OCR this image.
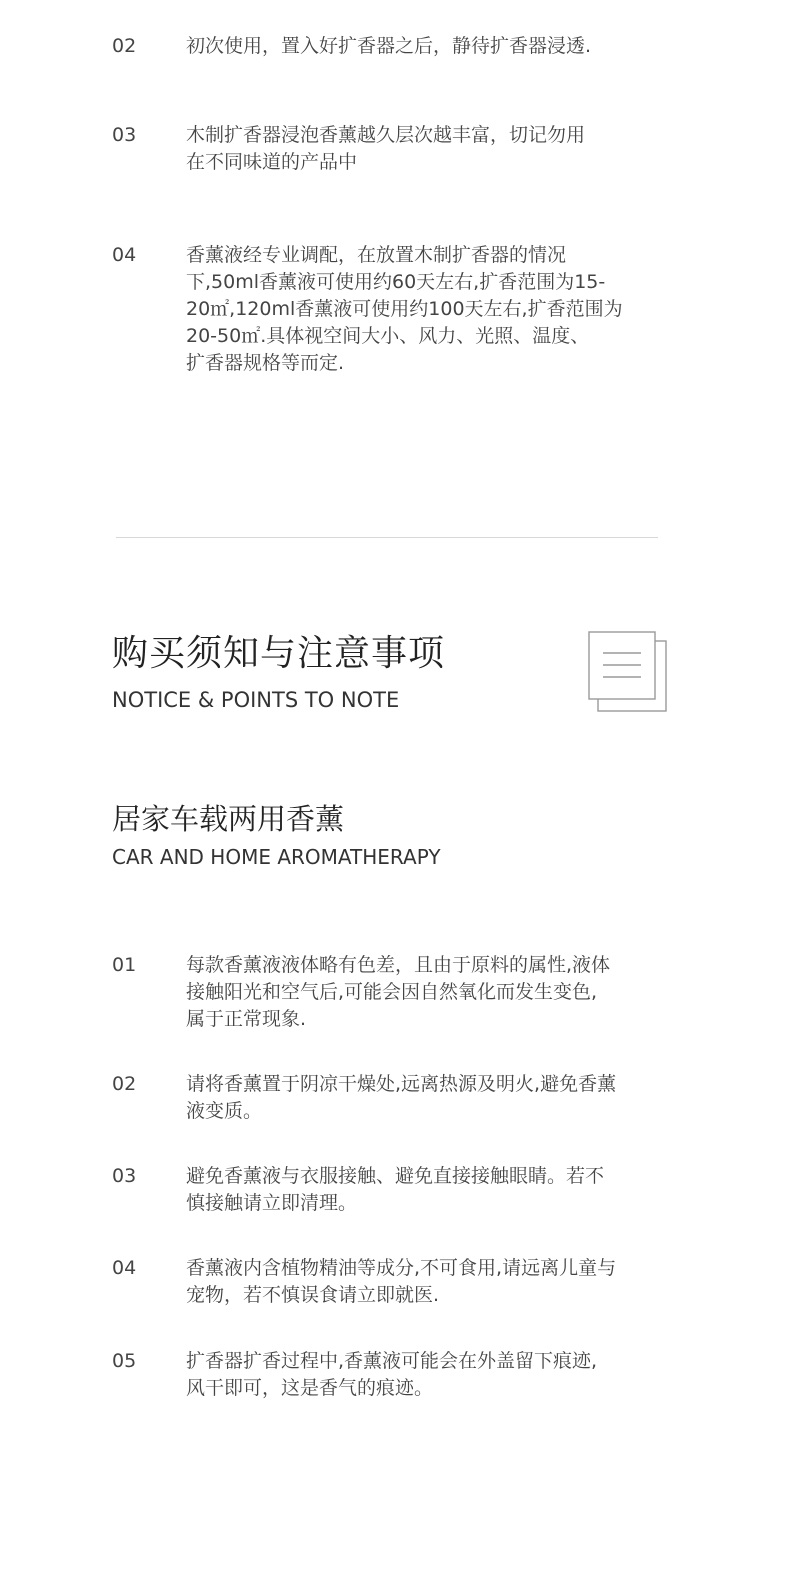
02	初次使用，置入好扩香器之后，静待扩香器浸透.
03	木制扩香器浸泡香薰越久层次越丰富，切记勿用
在不同味道的产品中
04	香薰液经专业调配，在放置木制扩香器的情况
下,50ml香薰液可使用约60天左右,扩香范围为15-
20㎡,120ml香薰液可使用约100天左右,扩香范围为
20-50㎡.具体视空间大小、风力、光照、温度、
扩香器规格等而定.
购买须知与注意事项
NOTICE & POINTS TO NOTE
居家车载两用香薰
CAR AND HOME AROMATHERAPY
01	每款香薰液液体略有色差，且由于原料的属性,液体
接触阳光和空气后,可能会因自然氧化而发生变色,
属于正常现象.
02	请将香薰置于阴凉干燥处,远离热源及明火,避免香薰
液变质。
03	避免香薰液与衣服接触、避免直接接触眼睛。若不
慎接触请立即清理。
04	香薰液内含植物精油等成分,不可食用,请远离儿童与
宠物，若不慎误食请立即就医.
05	扩香器扩香过程中,香薰液可能会在外盖留下痕迹,
风干即可，这是香气的痕迹。
